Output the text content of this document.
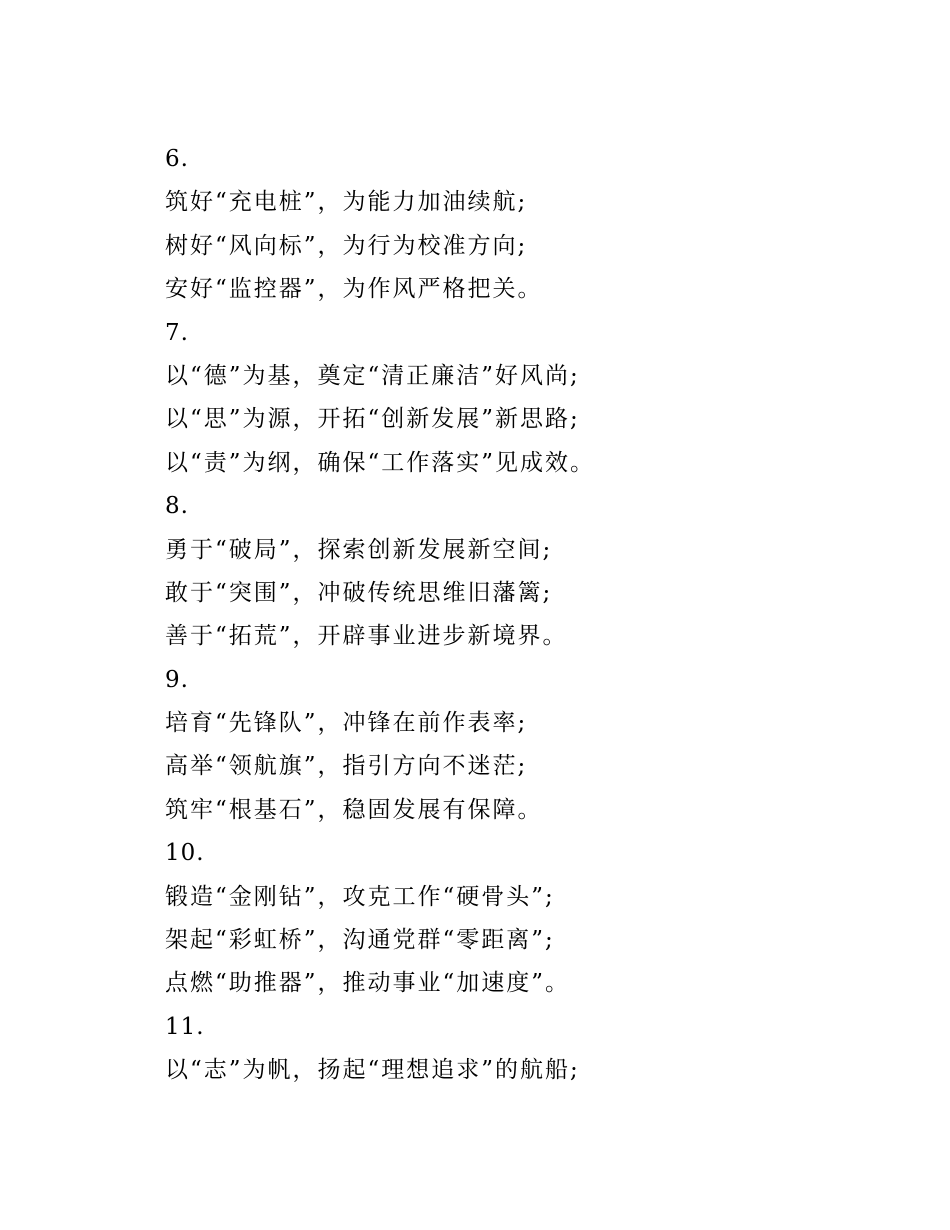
6.
筑好“充电桩”，为能力加油续航;
树好“风向标”，为行为校准方向;
安好“监控器”，为作风严格把关。
7.
以“德”为基，奠定“清正廉洁”好风尚;
以“思”为源，开拓“创新发展”新思路;
以“责”为纲，确保“工作落实”见成效。
8.
勇于“破局”，探索创新发展新空间;
敢于“突围”，冲破传统思维旧藩篱;
善于“拓荒”，开辟事业进步新境界。
9.
培育“先锋队”，冲锋在前作表率;
高举“领航旗”，指引方向不迷茫;
筑牢“根基石”，稳固发展有保障。
10.
锻造“金刚钻”，攻克工作“硬骨头”;
架起“彩虹桥”，沟通党群“零距离”;
点燃“助推器”，推动事业“加速度”。
11.
以“志”为帆，扬起“理想追求”的航船;
